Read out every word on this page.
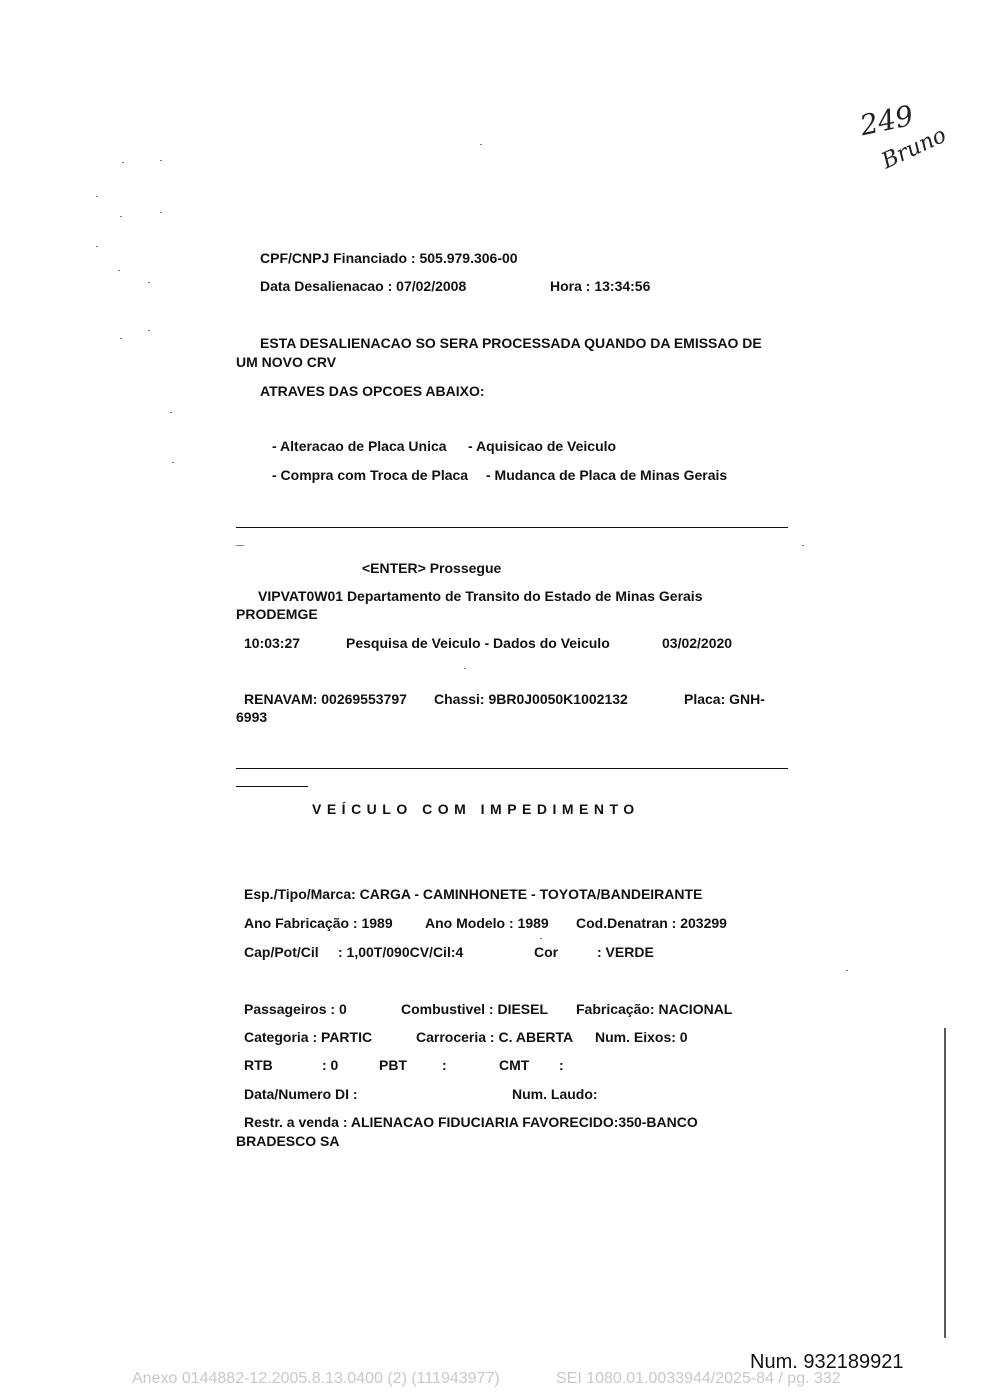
249
Bruno
CPF/CNPJ Financiado : 505.979.306-00
Data Desalienacao : 07/02/2008	Hora : 13:34:56
ESTA DESALIENACAO SO SERA PROCESSADA QUANDO DA EMISSAO DE
UM NOVO CRV
ATRAVES DAS OPCOES ABAIXO:
- Alteracao de Placa Unica - Aquisicao de Veiculo
- Compra com Troca de Placa - Mudanca de Placa de Minas Gerais
_
<ENTER> Prossegue
VIPVAT0W01 Departamento de Transito do Estado de Minas Gerais
PRODEMGE
10:03:27	Pesquisa de Veiculo - Dados do Veiculo	03/02/2020
RENAVAM: 00269553797 Chassi: 9BR0J0050K1002132	Placa: GNH-
6993
VEÍCULO COM IMPEDIMENTO
Esp./Tipo/Marca: CARGA - CAMINHONETE - TOYOTA/BANDEIRANTE
Ano Fabricação : 1989 Ano Modelo : 1989 Cod.Denatran : 203299
Cap/Pot/Cil : 1,00T/090CV/Cil:4	Cor	: VERDE
Passageiros : 0	Combustivel : DIESEL Fabricação: NACIONAL
Categoria : PARTIC	Carroceria : C. ABERTA Num. Eixos: 0
RTB	: 0	PBT	:	CMT :
Data/Numero DI :	Num. Laudo:
Restr. a venda : ALIENACAO FIDUCIARIA FAVORECIDO:350-BANCO
BRADESCO SA
Num. 932189921
Anexo 0144882-12.2005.8.13.0400 (2) (111943977)	SEI 1080.01.0033944/2025-84 / pg. 332
